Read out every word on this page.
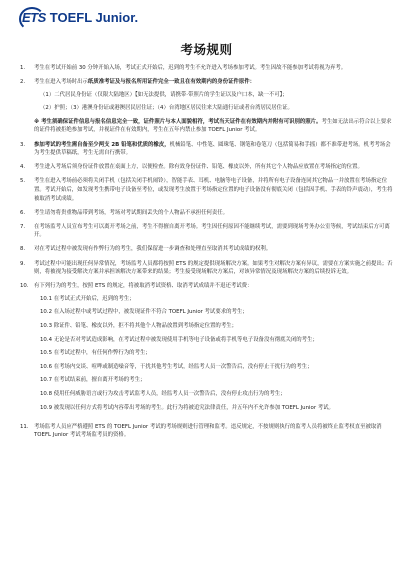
ETS TOEFL Junior.
考场规则
1.	考生在考试开始前 30 分钟开始入场，考试正式开始后，迟到的考生不允许进入考场参加考试。考生因故不能参加考试将视为弃考。
2.	考生在进入考场时出示纸质准考证及与报名所用证件完全一致且在有效期内的身份证件原件：
（1）二代居民身份证（仅限大陆地区）【如无法提供，请携带·带照片的学生证以及户口本，缺一不可】；
（2）护照；（3）港澳身份证或港澳居民居住证；（4）台湾地区居民往来大陆通行证或者台湾居民居住证。
※ 考生须确保证件信息与报名信息完全一致，证件照片与本人面貌相符，考试当天证件在有效期内并附有可识别的照片。考生如无法出示符合以上要求的证件将被拒绝参加考试，并视证件在有效期内，考生在五年内禁止参加 TOEFL Junior 考试。
3.	参加考试的考生需自备至少两支 2B 铅笔和优质的橡皮，机械铅笔、中性笔、圆珠笔、钢笔和卷笔刀（包括简易和手摇）都不准带进考场。机考考场会为考生提供草稿纸，考生无需自行携带。
4.	考生进入考场后须身份证件放置在桌面上方，以便检查。除有效身份证件、铅笔、橡皮以外，所有其它个人物品应放置在考场指定的位置。
5.	考生在进入考场前必须将关闭手机（包括关闭手机闹铃），智能手表、耳机、电脑等电子设备，并将所有电子设备连同其它物品一并放置在考场指定位置。考试开始后，如发现考生携带电子设备至考位，或发现考生放置于考场指定位置的电子设备没有彻底关闭（包括因手机、手表的铃声震动），考生将被取消考试成绩。
6.	考生请勿将贵重物品带到考场，考场对考试期间丢失的个人物品不承担任何责任。
7.	在考场监考人员宣布考生可以离开考场之前，考生不得擅自离开考场。考生因任何原因不能继续考试，需要到现场考务办公室等候，考试结束后方可离开。
8.	对在考试过程中被发现有作弊行为的考生，我们保留进一步调查和处理直至取消其考试成绩的权利。
9.	考试过程中可能出现任何异常情况，考场监考人员都将按照 ETS 的规定提供现场解决方案。如果考生对解决方案有异议，需要在方案实施之前提出；否则，将被视为接受解决方案并承担该解决方案带来的结果；考生接受现场解决方案后，对该异常情况及现场解决方案的后续投诉无效。
10.	有下列行为的考生，按照 ETS 的规定，将被取消考试资格、取消考试成绩并不退还考试费：
10.1 在考试正式开始后，迟到的考生；
10.2 在入场过程中或考试过程中，被发现证件不符合 TOEFL Junior 考试要求的考生；
10.3 除证件、铅笔、橡皮以外，拒不将其他个人物品放置到考场指定位置的考生；
10.4 无论是否对考试造成影响，在考试过程中被发现使用手机等电子设备或将手机等电子设备没有彻底关闭的考生；
10.5 在考试过程中，有任何作弊行为的考生；
10.6 在考场内交谈、喧哗或制造噪音等，干扰其他考生考试，经监考人员一次警告后，没有停止干扰行为的考生；
10.7 在考试结束前，擅自离开考场的考生；
10.8 使用任何威胁语言或行为攻击考试监考人员，经监考人员一次警告后，没有停止攻击行为的考生；
10.9 被发现以任何方式将考试内容带出考场的考生。此行为将被追究法律责任，并五年内不允许参加 TOEFL Junior 考试。
11.	考场监考人员应严格遵照 ETS 的 TOEFL Junior 考试的考场规则进行管理和监考。违反规定，不按规则执行的监考人员将被终止监考权直至被取消 TOEFL Junior 考试考场监考员的资格。
